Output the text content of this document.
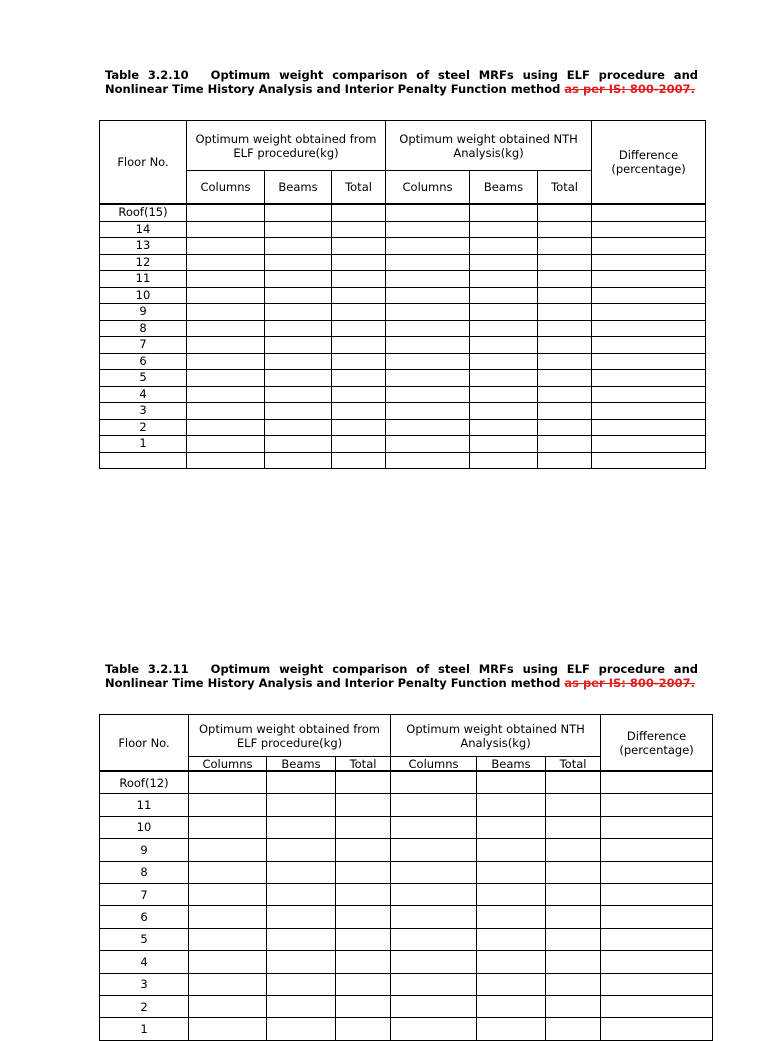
Table 3.2.10 Optimum weight comparison of steel MRFs using ELF procedure and Nonlinear Time History Analysis and Interior Penalty Function method as per IS: 800-2007.
Floor No.	Optimum weight obtained from ELF procedure(kg)			Optimum weight obtained NTH Analysis(kg)			Difference (percentage)
	Columns	Beams	Total	Columns	Beams	Total	
Roof(15)							
14							
13							
12							
11							
10							
9							
8							
7							
6							
5							
4							
3							
2							
1							

Table 3.2.11 Optimum weight comparison of steel MRFs using ELF procedure and Nonlinear Time History Analysis and Interior Penalty Function method as per IS: 800-2007.
Floor No.	Optimum weight obtained from ELF procedure(kg)			Optimum weight obtained NTH Analysis(kg)			Difference (percentage)
	Columns	Beams	Total	Columns	Beams	Total	
Roof(12)							
11							
10							
9							
8							
7							
6							
5							
4							
3							
2							
1							
